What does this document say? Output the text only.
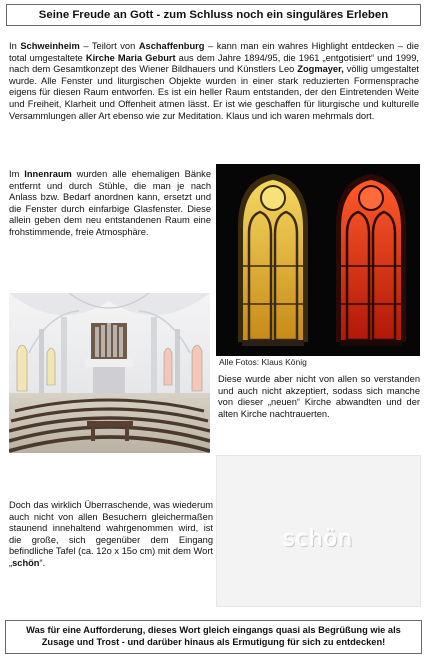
Seine Freude an Gott - zum Schluss noch ein singuläres Erleben
In Schweinheim – Teilort von Aschaffenburg – kann man ein wahres Highlight entdecken – die total umgestaltete Kirche Maria Geburt aus dem Jahre 1894/95, die 1961 „entgotisiert“ und 1999, nach dem Gesamtkonzept des Wiener Bildhauers und Künstlers Leo Zogmayer, völlig umgestaltet wurde. Alle Fenster und liturgischen Objekte wurden in einer stark reduzierten Formensprache eigens für diesen Raum entworfen. Es ist ein heller Raum entstanden, der den Eintretenden Weite und Freiheit, Klarheit und Offenheit atmen lässt. Er ist wie geschaffen für liturgische und kulturelle Versammlungen aller Art ebenso wie zur Meditation. Klaus und ich waren mehrmals dort.
Im Innenraum wurden alle ehemaligen Bänke entfernt und durch Stühle, die man je nach Anlass bzw. Bedarf anordnen kann, ersetzt und die Fenster durch einfarbige Glasfenster. Diese allein geben dem neu entstandenen Raum eine frohstimmende, freie Atmosphäre.
Alle Fotos: Klaus König
Diese wurde aber nicht von allen so verstanden und auch nicht akzeptiert, sodass sich manche von dieser „neuen“ Kirche abwandten und der alten Kirche nachtrauerten.
Doch das wirklich Überraschende, was wiederum auch nicht von allen Besuchern gleichermaßen staunend innehaltend wahrgenommen wird, ist die große, sich gegenüber dem Eingang befindliche Tafel (ca. 12o x 15o cm) mit dem Wort „schön“.
schön
Was für eine Aufforderung, dieses Wort gleich eingangs quasi als Begrüßung wie als Zusage und Trost - und darüber hinaus als Ermutigung für sich zu entdecken!
